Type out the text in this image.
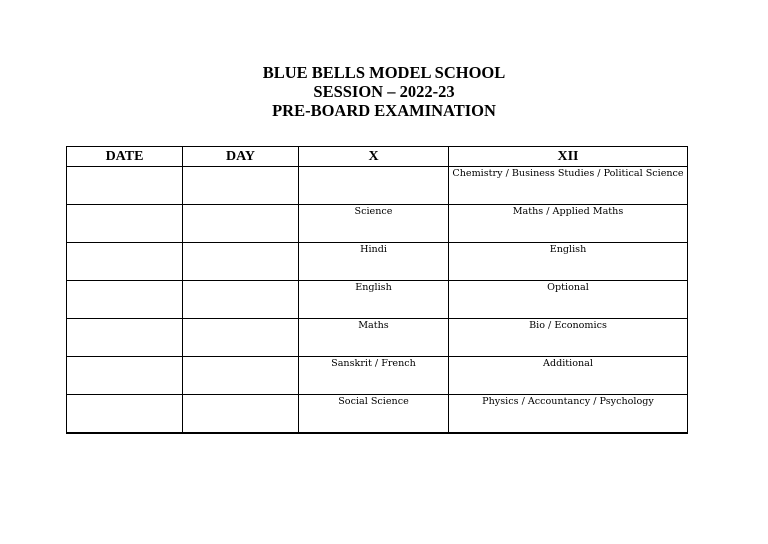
BLUE BELLS MODEL SCHOOL
SESSION – 2022-23
PRE-BOARD EXAMINATION
DATE	DAY	X	XII

			Chemistry / Business Studies / Political Science

		Science	Maths / Applied Maths

		Hindi	English

		English	Optional

		Maths	Bio / Economics

		Sanskrit / French	Additional

		Social Science	Physics / Accountancy / Psychology
